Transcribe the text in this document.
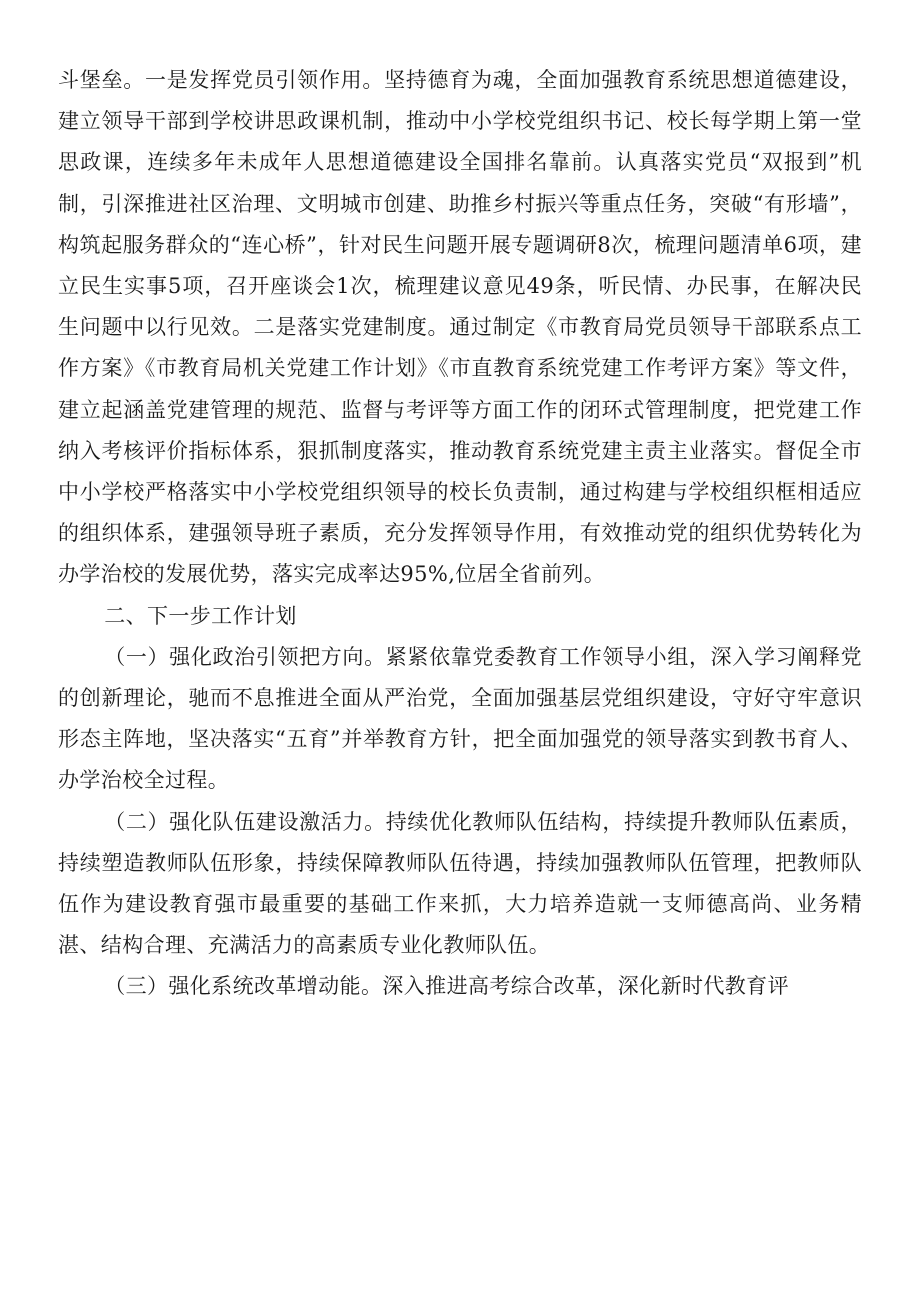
斗堡垒。一是发挥党员引领作用。坚持德育为魂，全面加强教育系统思想道德建设，建立领导干部到学校讲思政课机制，推动中小学校党组织书记、校长每学期上第一堂思政课，连续多年未成年人思想道德建设全国排名靠前。认真落实党员“双报到”机制，引深推进社区治理、文明城市创建、助推乡村振兴等重点任务，突破“有形墙”，构筑起服务群众的“连心桥”，针对民生问题开展专题调研8次，梳理问题清单6项，建立民生实事5项，召开座谈会1次，梳理建议意见49条，听民情、办民事，在解决民生问题中以行见效。二是落实党建制度。通过制定《市教育局党员领导干部联系点工作方案》《市教育局机关党建工作计划》《市直教育系统党建工作考评方案》等文件，建立起涵盖党建管理的规范、监督与考评等方面工作的闭环式管理制度，把党建工作纳入考核评价指标体系，狠抓制度落实，推动教育系统党建主责主业落实。督促全市中小学校严格落实中小学校党组织领导的校长负责制，通过构建与学校组织框相适应的组织体系，建强领导班子素质，充分发挥领导作用，有效推动党的组织优势转化为办学治校的发展优势，落实完成率达95%,位居全省前列。

二、下一步工作计划

（一）强化政治引领把方向。紧紧依靠党委教育工作领导小组，深入学习阐释党的创新理论，驰而不息推进全面从严治党，全面加强基层党组织建设，守好守牢意识形态主阵地，坚决落实“五育”并举教育方针，把全面加强党的领导落实到教书育人、办学治校全过程。

（二）强化队伍建设激活力。持续优化教师队伍结构，持续提升教师队伍素质，持续塑造教师队伍形象，持续保障教师队伍待遇，持续加强教师队伍管理，把教师队伍作为建设教育强市最重要的基础工作来抓，大力培养造就一支师德高尚、业务精湛、结构合理、充满活力的高素质专业化教师队伍。

（三）强化系统改革增动能。深入推进高考综合改革，深化新时代教育评
